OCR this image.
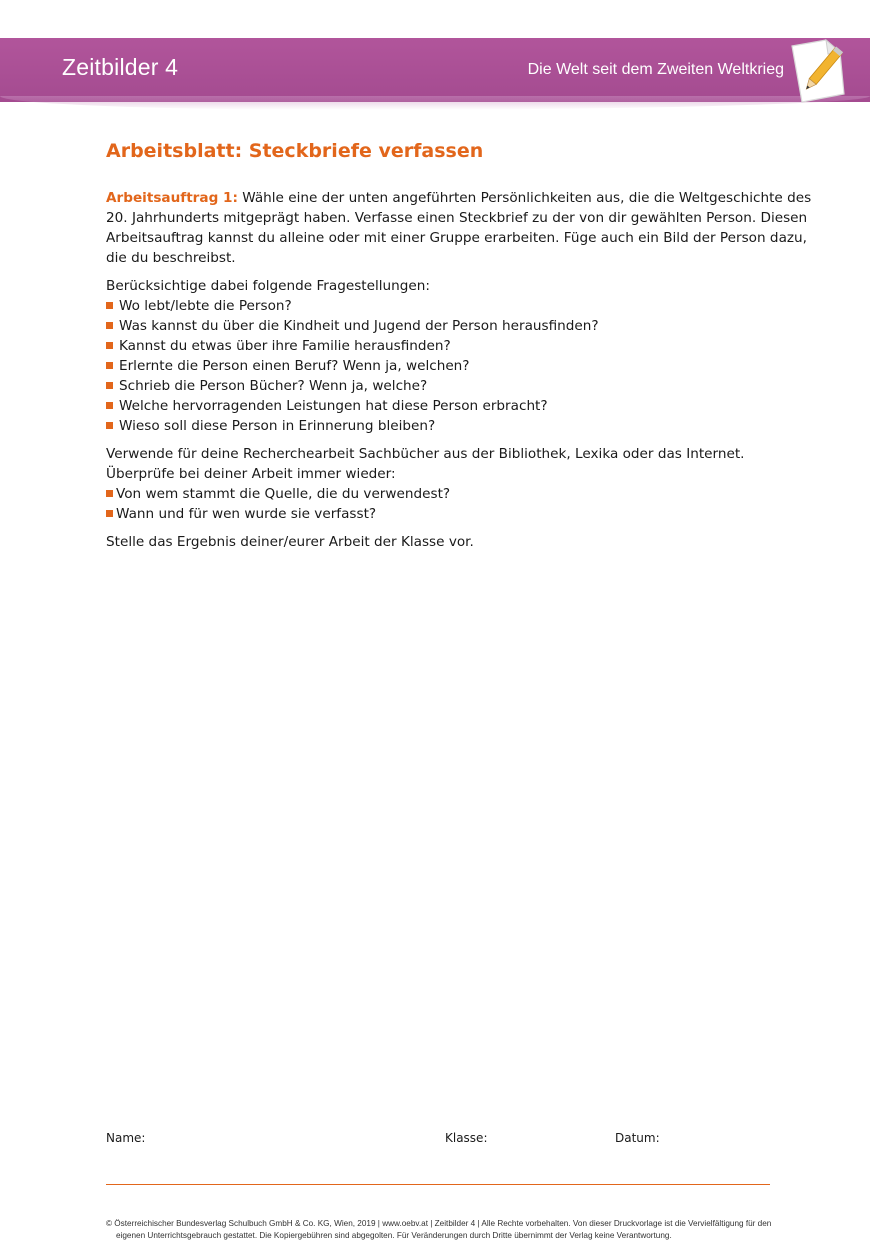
Zeitbilder 4	Die Welt seit dem Zweiten Weltkrieg
Arbeitsblatt: Steckbriefe verfassen

Arbeitsauftrag 1: Wähle eine der unten angeführten Persönlichkeiten aus, die die Weltgeschichte des 20. Jahrhunderts mitgeprägt haben. Verfasse einen Steckbrief zu der von dir gewählten Person. Diesen Arbeitsauftrag kannst du alleine oder mit einer Gruppe erarbeiten. Füge auch ein Bild der Person dazu, die du beschreibst.

Berücksichtige dabei folgende Fragestellungen:
Wo lebt/lebte die Person?
Was kannst du über die Kindheit und Jugend der Person herausfinden?
Kannst du etwas über ihre Familie herausfinden?
Erlernte die Person einen Beruf? Wenn ja, welchen?
Schrieb die Person Bücher? Wenn ja, welche?
Welche hervorragenden Leistungen hat diese Person erbracht?
Wieso soll diese Person in Erinnerung bleiben?
Verwende für deine Recherchearbeit Sachbücher aus der Bibliothek, Lexika oder das Internet.
Überprüfe bei deiner Arbeit immer wieder:
Von wem stammt die Quelle, die du verwendest?
Wann und für wen wurde sie verfasst?
Stelle das Ergebnis deiner/eurer Arbeit der Klasse vor.
Name:	Klasse:	Datum:
© Österreichischer Bundesverlag Schulbuch GmbH & Co. KG, Wien, 2019 | www.oebv.at | Zeitbilder 4 | Alle Rechte vorbehalten. Von dieser Druckvorlage ist die Vervielfältigung für den
eigenen Unterrichtsgebrauch gestattet. Die Kopiergebühren sind abgegolten. Für Veränderungen durch Dritte übernimmt der Verlag keine Verantwortung.
